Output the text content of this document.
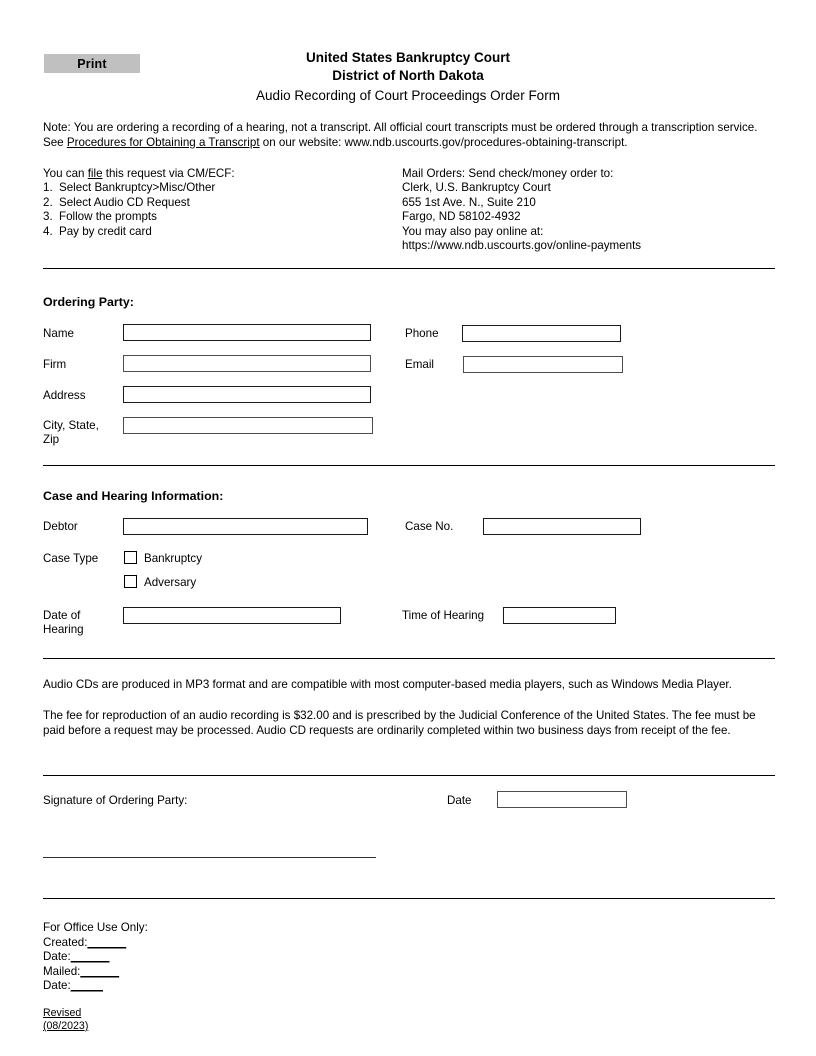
Print	United States Bankruptcy Court
District of North Dakota
Audio Recording of Court Proceedings Order Form
Note: You are ordering a recording of a hearing, not a transcript. All official court transcripts must be ordered through a transcription service. See Procedures for Obtaining a Transcript on our website: www.ndb.uscourts.gov/procedures-obtaining-transcript.
You can file this request via CM/ECF:
1. Select Bankruptcy>Misc/Other
2. Select Audio CD Request
3. Follow the prompts
4. Pay by credit card
Mail Orders: Send check/money order to:
Clerk, U.S. Bankruptcy Court
655 1st Ave. N., Suite 210
Fargo, ND 58102-4932
You may also pay online at:
https://www.ndb.uscourts.gov/online-payments
Ordering Party:
Name	Phone
Firm	Email
Address
City, State,
Zip
Case and Hearing Information:
Debtor	Case No.
Case Type	Bankruptcy
Adversary
Date of
Hearing
Time of Hearing
Audio CDs are produced in MP3 format and are compatible with most computer-based media players, such as Windows Media Player.
The fee for reproduction of an audio recording is $32.00 and is prescribed by the Judicial Conference of the United States. The fee must be paid before a request may be processed. Audio CD requests are ordinarily completed within two business days from receipt of the fee.
Signature of Ordering Party:	Date
For Office Use Only:
Created:______
Date:______
Mailed:______
Date:_____
Revised
(08/2023)
